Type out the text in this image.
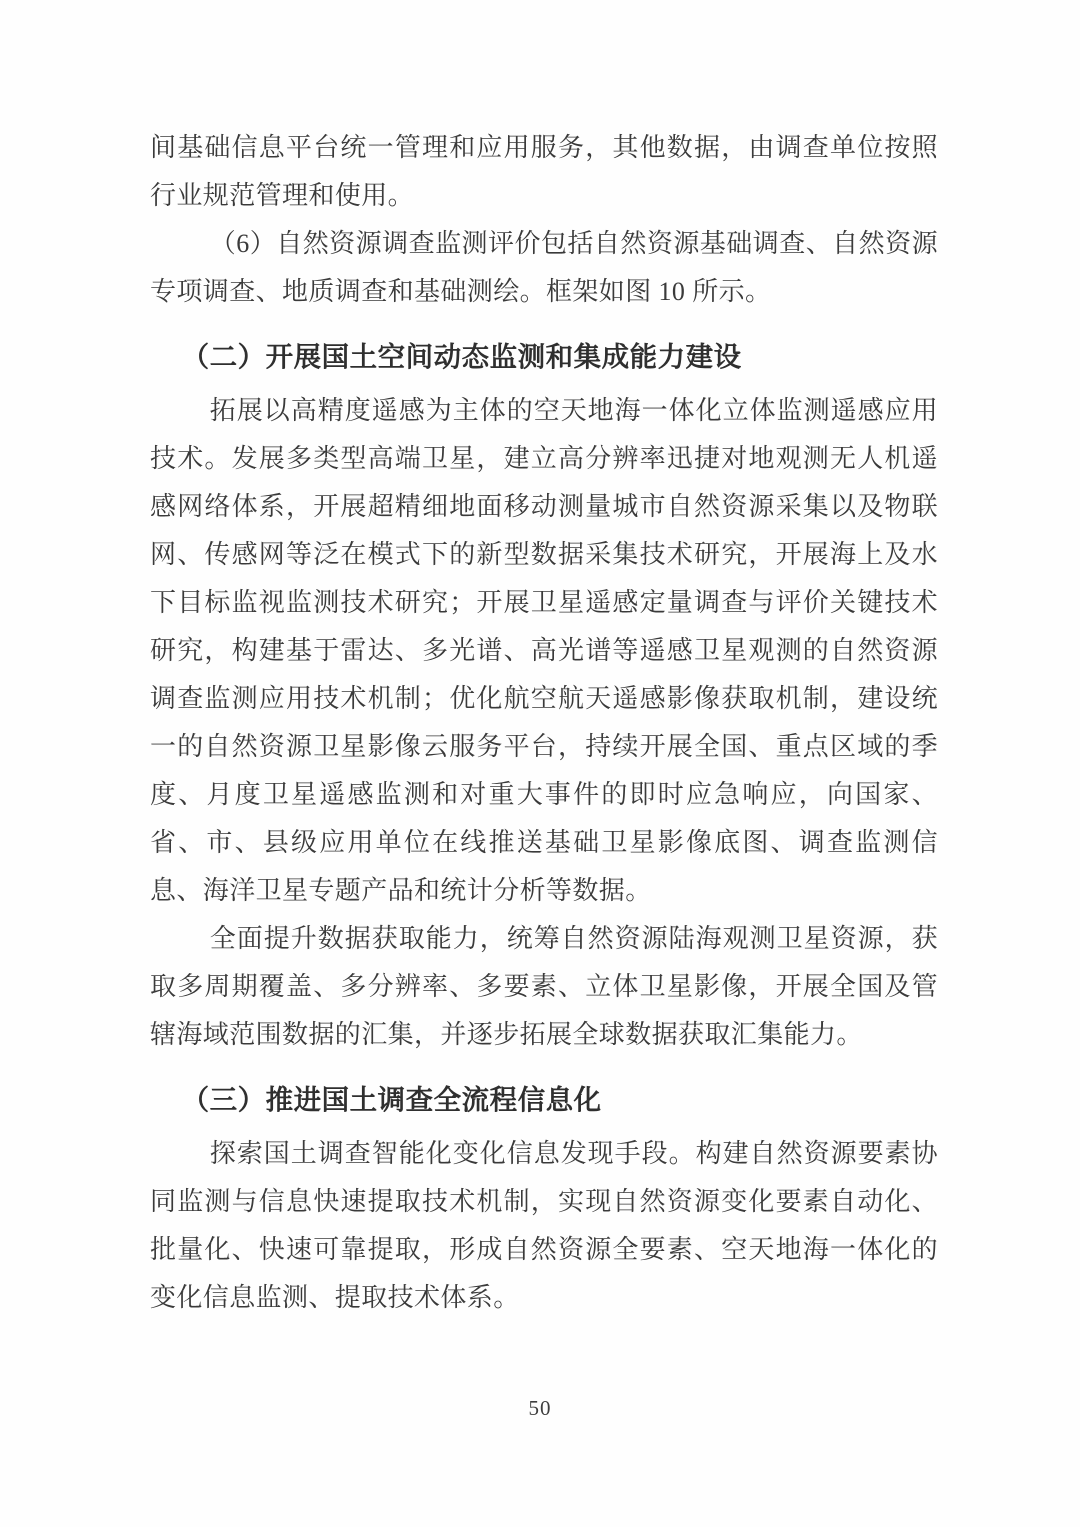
间基础信息平台统一管理和应用服务，其他数据，由调查单位按照行业规范管理和使用。

（6）自然资源调查监测评价包括自然资源基础调查、自然资源专项调查、地质调查和基础测绘。框架如图 10 所示。

（二）开展国土空间动态监测和集成能力建设

拓展以高精度遥感为主体的空天地海一体化立体监测遥感应用技术。发展多类型高端卫星，建立高分辨率迅捷对地观测无人机遥感网络体系，开展超精细地面移动测量城市自然资源采集以及物联网、传感网等泛在模式下的新型数据采集技术研究，开展海上及水下目标监视监测技术研究；开展卫星遥感定量调查与评价关键技术研究，构建基于雷达、多光谱、高光谱等遥感卫星观测的自然资源调查监测应用技术机制；优化航空航天遥感影像获取机制，建设统一的自然资源卫星影像云服务平台，持续开展全国、重点区域的季度、月度卫星遥感监测和对重大事件的即时应急响应，向国家、省、市、县级应用单位在线推送基础卫星影像底图、调查监测信息、海洋卫星专题产品和统计分析等数据。

全面提升数据获取能力，统筹自然资源陆海观测卫星资源，获取多周期覆盖、多分辨率、多要素、立体卫星影像，开展全国及管辖海域范围数据的汇集，并逐步拓展全球数据获取汇集能力。

（三）推进国土调查全流程信息化

探索国土调查智能化变化信息发现手段。构建自然资源要素协同监测与信息快速提取技术机制，实现自然资源变化要素自动化、批量化、快速可靠提取，形成自然资源全要素、空天地海一体化的变化信息监测、提取技术体系。

50
